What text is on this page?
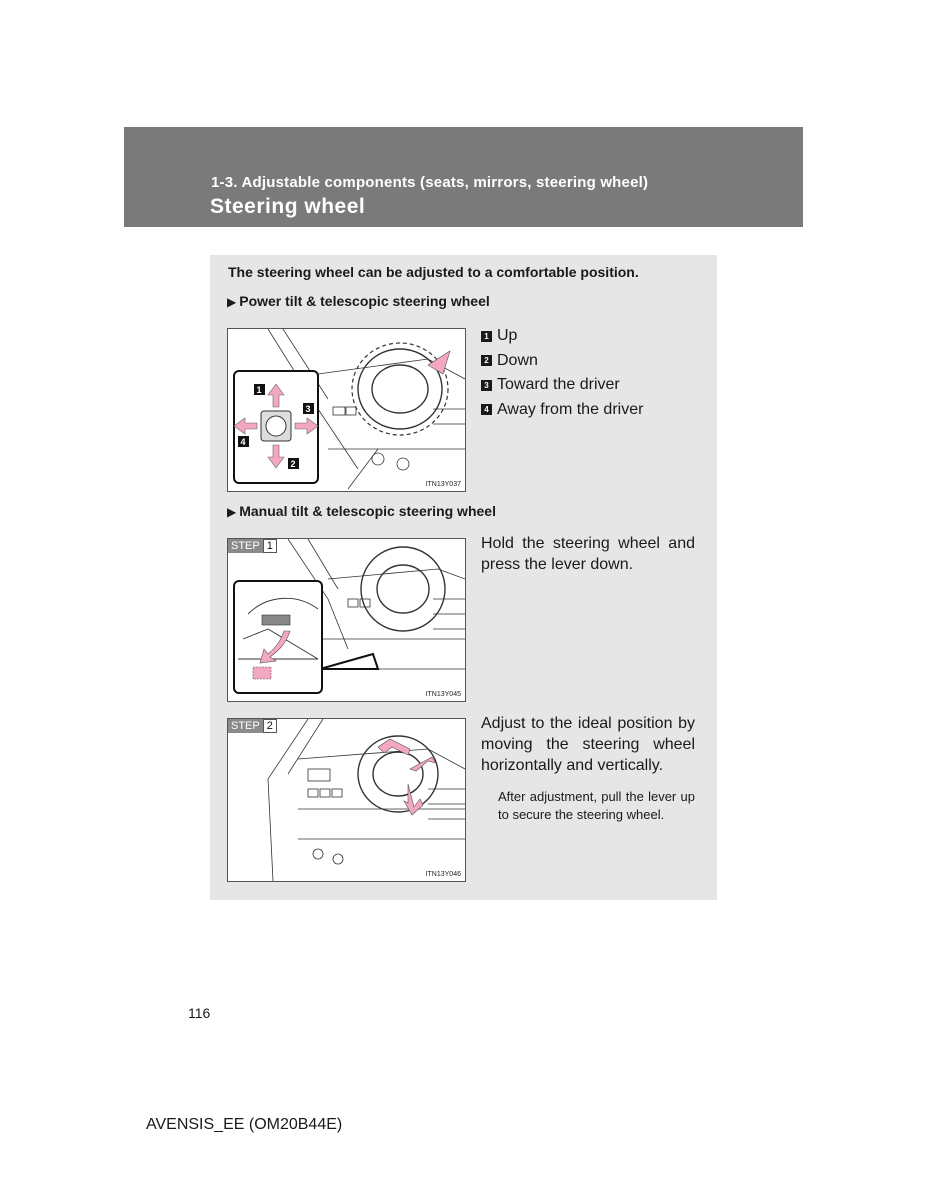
1-3. Adjustable components (seats, mirrors, steering wheel)
Steering wheel
The steering wheel can be adjusted to a comfortable position.
▶ Power tilt & telescopic steering wheel
1
2
3
4
ITN13Y037
1 Up
2 Down
3 Toward the driver
4 Away from the driver
▶ Manual tilt & telescopic steering wheel
STEP 1
ITN13Y045
Hold the steering wheel and press the lever down.
STEP 2
ITN13Y046
Adjust to the ideal position by moving the steering wheel horizontally and vertically.
After adjustment, pull the lever up to secure the steering wheel.
116
AVENSIS_EE (OM20B44E)
